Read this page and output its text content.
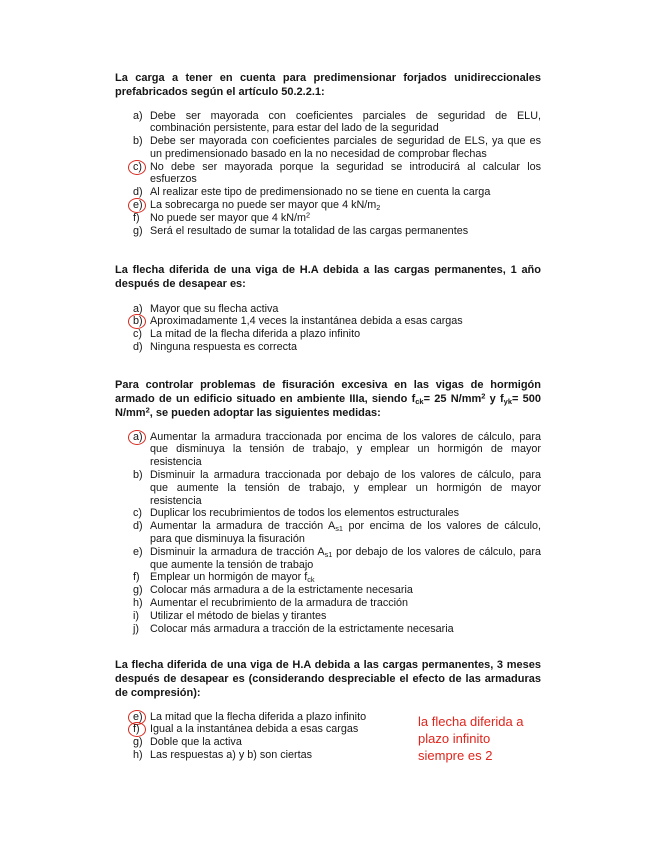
La carga a tener en cuenta para predimensionar forjados unidireccionales
prefabricados según el artículo 50.2.2.1:
a) Debe ser mayorada con coeficientes parciales de seguridad de ELU,
combinación persistente, para estar del lado de la seguridad
b) Debe ser mayorada con coeficientes parciales de seguridad de ELS, ya que es
un predimensionado basado en la no necesidad de comprobar flechas
c) No debe ser mayorada porque la seguridad se introducirá al calcular los
esfuerzos
d) Al realizar este tipo de predimensionado no se tiene en cuenta la carga
e) La sobrecarga no puede ser mayor que 4 $kN/m_2$
f) No puede ser mayor que 4 $kN/m^2$
g) Será el resultado de sumar la totalidad de las cargas permanentes
La flecha diferida de una viga de H.A debida a las cargas permanentes, 1 año
después de desapear es:
a) Mayor que su flecha activa
b) Aproximadamente 1,4 veces la instantánea debida a esas cargas
c) La mitad de la flecha diferida a plazo infinito
d) Ninguna respuesta es correcta
Para controlar problemas de fisuración excesiva en las vigas de hormigón
armado de un edificio situado en ambiente IIIa, siendo $f_{ck}= 25$ $N/mm^2$ y $f_{yk}= 500$
$N/mm^2$, se pueden adoptar las siguientes medidas:
a) Aumentar la armadura traccionada por encima de los valores de cálculo, para
que disminuya la tensión de trabajo, y emplear un hormigón de mayor
resistencia
b) Disminuir la armadura traccionada por debajo de los valores de cálculo, para
que aumente la tensión de trabajo, y emplear un hormigón de mayor
resistencia
c) Duplicar los recubrimientos de todos los elementos estructurales
d) Aumentar la armadura de tracción $A_{s1}$ por encima de los valores de cálculo,
para que disminuya la fisuración
e) Disminuir la armadura de tracción $A_{s1}$ por debajo de los valores de cálculo, para
que aumente la tensión de trabajo
f) Emplear un hormigón de mayor $f_{ck}$
g) Colocar más armadura a de la estrictamente necesaria
h) Aumentar el recubrimiento de la armadura de tracción
i) Utilizar el método de bielas y tirantes
j) Colocar más armadura a tracción de la estrictamente necesaria
La flecha diferida de una viga de H.A debida a las cargas permanentes, 3 meses
después de desapear es (considerando despreciable el efecto de las armaduras
de compresión):
e) La mitad que la flecha diferida a plazo infinito
f) Igual a la instantánea debida a esas cargas
g) Doble que la activa
h) Las respuestas a) y b) son ciertas
la flecha diferida a
plazo infinito
siempre es 2
